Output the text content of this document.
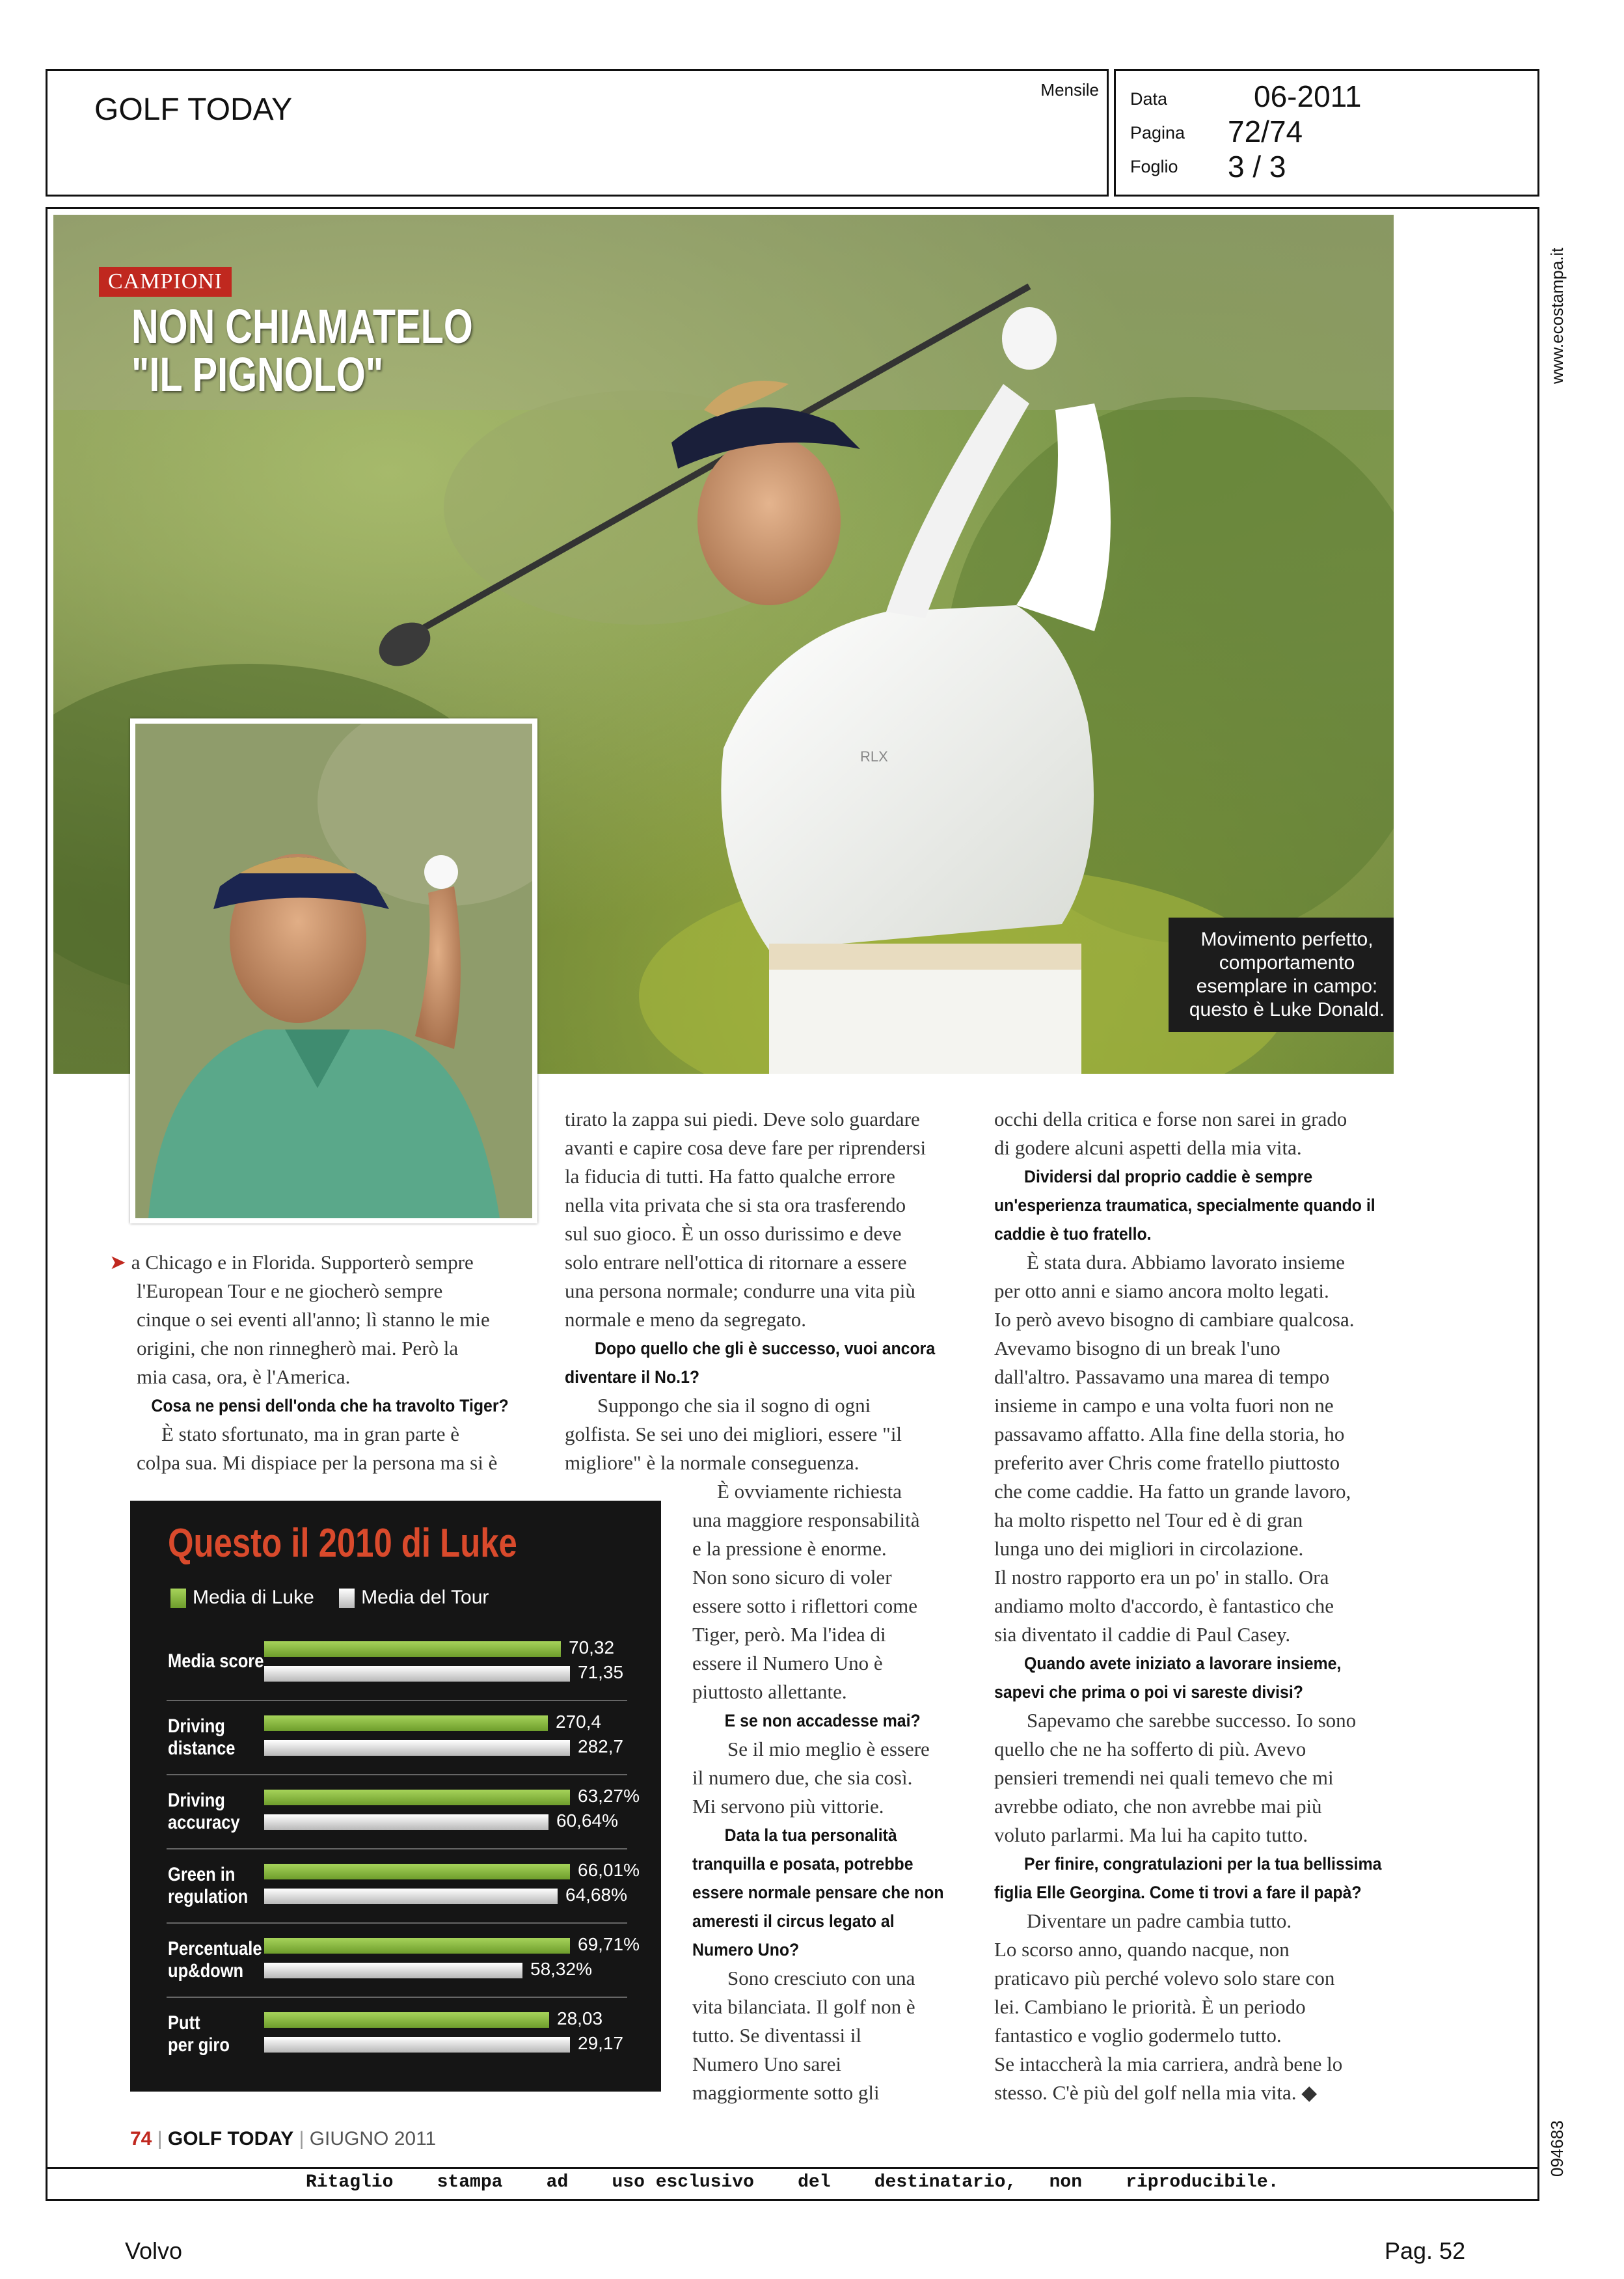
GOLF TODAY
Mensile Data	06-2011
Pagina 72/74
Foglio 3 / 3
www.ecostampa.it
094683
RLX
CAMPIONI
NON CHIAMATELO
"IL PIGNOLO"
Movimento perfetto, comportamento esemplare in campo: questo è Luke Donald.

➤ a Chicago e in Florida. Supporterò sempre

l'European Tour e ne giocherò sempre

cinque o sei eventi all'anno; lì stanno le mie

origini, che non rinnegherò mai. Però la

mia casa, ora, è l'America.

Cosa ne pensi dell'onda che ha travolto Tiger?

È stato sfortunato, ma in gran parte è

colpa sua. Mi dispiace per la persona ma si è

tirato la zappa sui piedi. Deve solo guardare

avanti e capire cosa deve fare per riprendersi

la fiducia di tutti. Ha fatto qualche errore

nella vita privata che si sta ora trasferendo

sul suo gioco. È un osso durissimo e deve

solo entrare nell'ottica di ritornare a essere

una persona normale; condurre una vita più

normale e meno da segregato.

Dopo quello che gli è successo, vuoi ancora

diventare il No.1?

Suppongo che sia il sogno di ogni

golfista. Se sei uno dei migliori, essere "il

migliore" è la normale conseguenza.

È ovviamente richiesta

una maggiore responsabilità

e la pressione è enorme.

Non sono sicuro di voler

essere sotto i riflettori come

Tiger, però. Ma l'idea di

essere il Numero Uno è

piuttosto allettante.

E se non accadesse mai?

Se il mio meglio è essere

il numero due, che sia così.

Mi servono più vittorie.

Data la tua personalità

tranquilla e posata, potrebbe

essere normale pensare che non

ameresti il circus legato al

Numero Uno?

Sono cresciuto con una

vita bilanciata. Il golf non è

tutto. Se diventassi il

Numero Uno sarei

maggiormente sotto gli

occhi della critica e forse non sarei in grado

di godere alcuni aspetti della mia vita.

Dividersi dal proprio caddie è sempre

un'esperienza traumatica, specialmente quando il

caddie è tuo fratello.

È stata dura. Abbiamo lavorato insieme

per otto anni e siamo ancora molto legati.

Io però avevo bisogno di cambiare qualcosa.

Avevamo bisogno di un break l'uno

dall'altro. Passavamo una marea di tempo

insieme in campo e una volta fuori non ne

passavamo affatto. Alla fine della storia, ho

preferito aver Chris come fratello piuttosto

che come caddie. Ha fatto un grande lavoro,

ha molto rispetto nel Tour ed è di gran

lunga uno dei migliori in circolazione.

Il nostro rapporto era un po' in stallo. Ora

andiamo molto d'accordo, è fantastico che

sia diventato il caddie di Paul Casey.

Quando avete iniziato a lavorare insieme,

sapevi che prima o poi vi sareste divisi?

Sapevamo che sarebbe successo. Io sono

quello che ne ha sofferto di più. Avevo

pensieri tremendi nei quali temevo che mi

avrebbe odiato, che non avrebbe mai più

voluto parlarmi. Ma lui ha capito tutto.

Per finire, congratulazioni per la tua bellissima

figlia Elle Georgina. Come ti trovi a fare il papà?

Diventare un padre cambia tutto.

Lo scorso anno, quando nacque, non

praticavo più perché volevo solo stare con

lei. Cambiano le priorità. È un periodo

fantastico e voglio godermelo tutto.

Se intaccherà la mia carriera, andrà bene lo

stesso. C'è più del golf nella mia vita. ◆

Questo il 2010 di Luke
Media di Luke Media del Tour
Media score
70,32
71,35
Driving
distance
270,4
282,7
Driving
accuracy
63,27%
60,64%
Green in
regulation
66,01%
64,68%
Percentuale
up&down
69,71%
58,32%
Putt
per giro
28,03
29,17
74 | GOLF TODAY | GIUGNO 2011
Ritaglio    stampa    ad    uso esclusivo    del    destinatario,   non    riproducibile.
Volvo	Pag. 52
